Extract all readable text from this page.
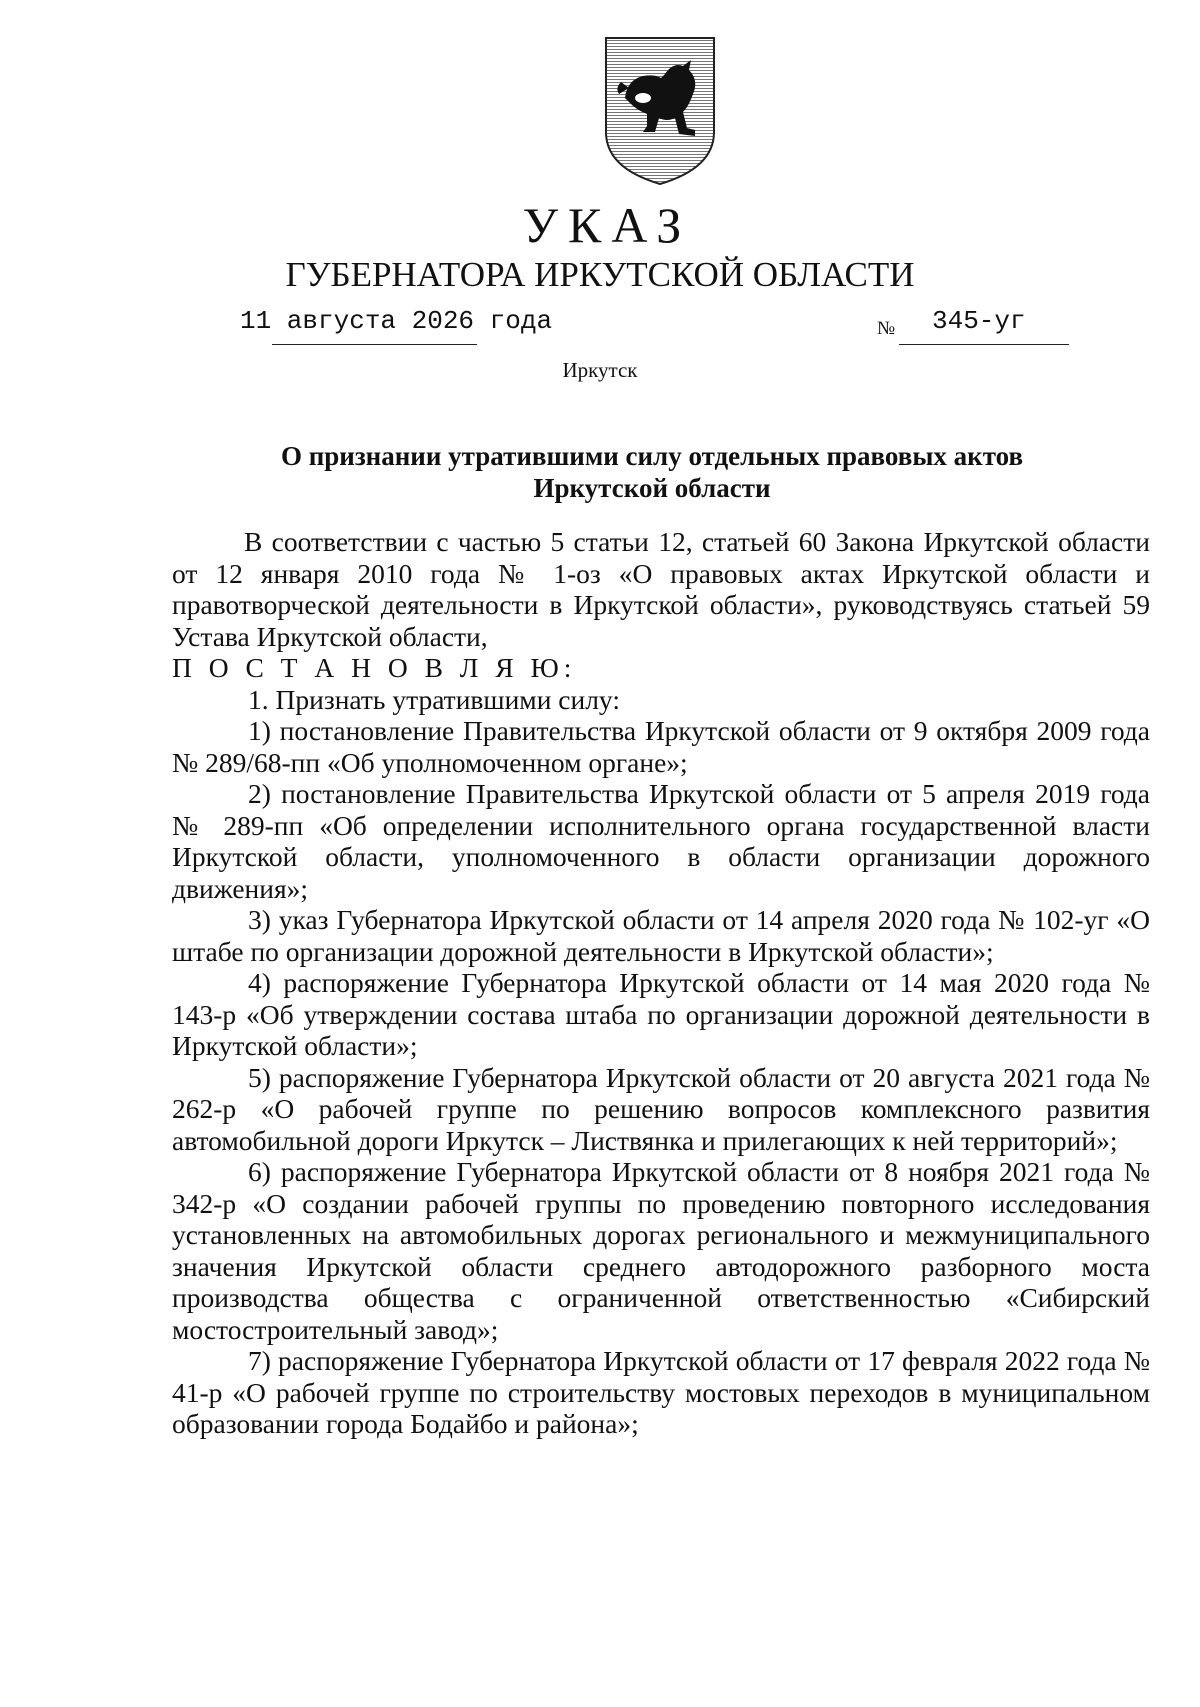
УКАЗ
ГУБЕРНАТОРА ИРКУТСКОЙ ОБЛАСТИ
11 августа 2026 года	№ 345-уг
Иркутск
О признании утратившими силу отдельных правовых актов
Иркутской области

В соответствии с частью 5 статьи 12, статьей 60 Закона Иркутской области от 12 января 2010 года № 1-оз «О правовых актах Иркутской области и правотворческой деятельности в Иркутской области», руководствуясь статьей 59 Устава Иркутской области,

П О С Т А Н О В Л Я Ю:

1. Признать утратившими силу:

1) постановление Правительства Иркутской области от 9 октября 2009 года № 289/68-пп «Об уполномоченном органе»;

2) постановление Правительства Иркутской области от 5 апреля 2019 года № 289-пп «Об определении исполнительного органа государственной власти Иркутской области, уполномоченного в области организации дорожного движения»;

3) указ Губернатора Иркутской области от 14 апреля 2020 года № 102-уг «О штабе по организации дорожной деятельности в Иркутской области»;

4) распоряжение Губернатора Иркутской области от 14 мая 2020 года № 143-р «Об утверждении состава штаба по организации дорожной деятельности в Иркутской области»;

5) распоряжение Губернатора Иркутской области от 20 августа 2021 года № 262-р «О рабочей группе по решению вопросов комплексного развития автомобильной дороги Иркутск – Листвянка и прилегающих к ней территорий»;

6) распоряжение Губернатора Иркутской области от 8 ноября 2021 года № 342-р «О создании рабочей группы по проведению повторного исследования установленных на автомобильных дорогах регионального и межмуниципального значения Иркутской области среднего автодорожного разборного моста производства общества с ограниченной ответственностью «Сибирский мостостроительный завод»;

7) распоряжение Губернатора Иркутской области от 17 февраля 2022 года № 41-р «О рабочей группе по строительству мостовых переходов в муниципальном образовании города Бодайбо и района»;
